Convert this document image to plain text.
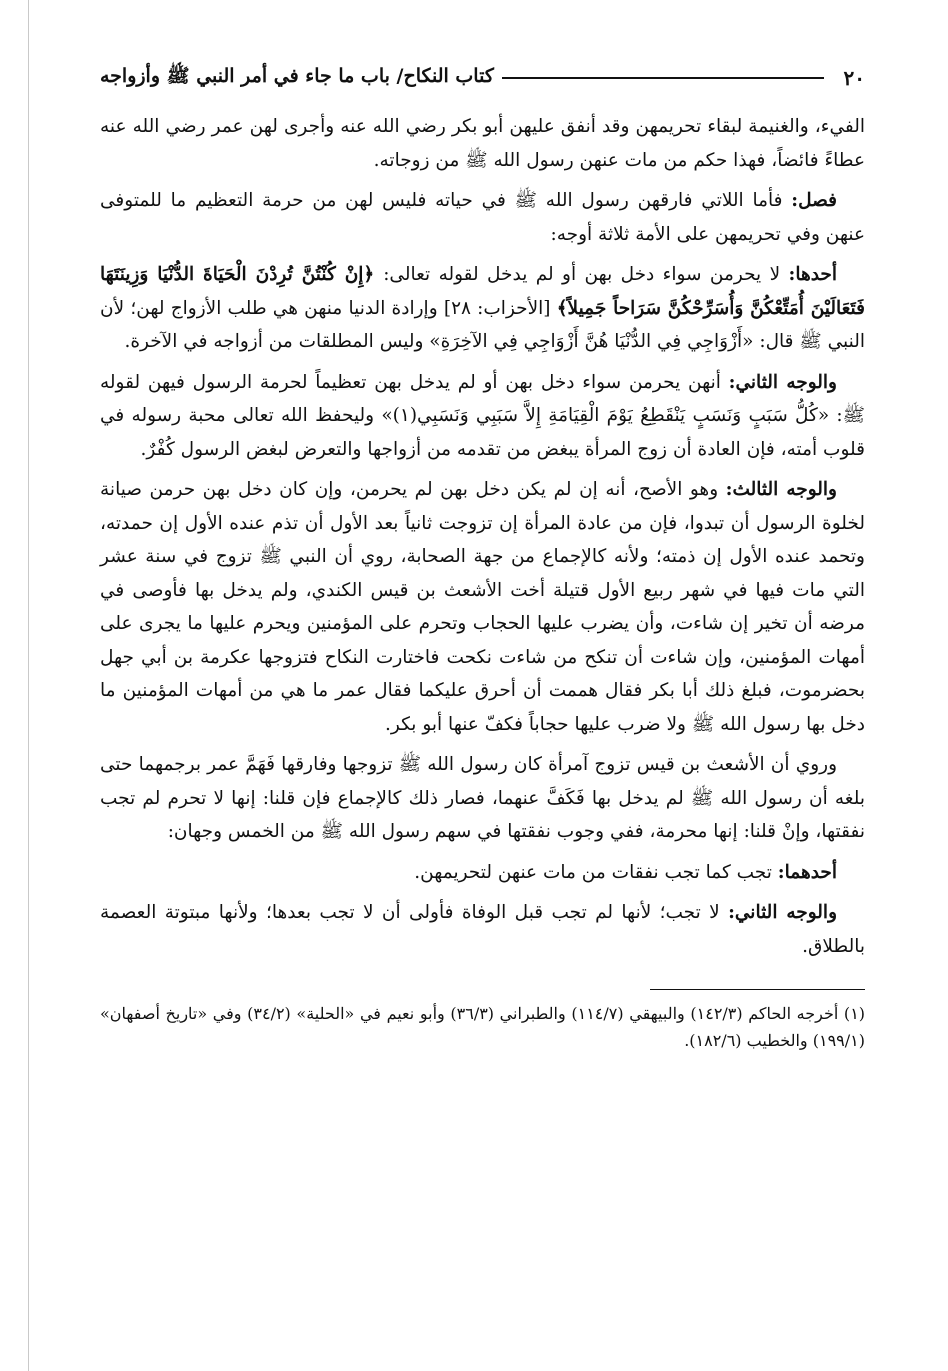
٢٠
كتاب النكاح/ باب ما جاء في أمر النبي ﷺ وأزواجه

الفيء، والغنيمة لبقاء تحريمهن وقد أنفق عليهن أبو بكر رضي الله عنه وأجرى لهن عمر رضي الله عنه عطاءً فائضاً، فهذا حكم من مات عنهن رسول الله ﷺ من زوجاته.

فصل: فأما اللاتي فارقهن رسول الله ﷺ في حياته فليس لهن من حرمة التعظيم ما للمتوفى عنهن وفي تحريمهن على الأمة ثلاثة أوجه:

أحدها: لا يحرمن سواء دخل بهن أو لم يدخل لقوله تعالى: ﴿إِنْ كُنْتُنَّ تُرِدْنَ الْحَيَاةَ الدُّنْيَا وَزِينَتَهَا فَتَعَالَيْنَ أُمَتِّعْكُنَّ وَأُسَرِّحْكُنَّ سَرَاحاً جَمِيلاً﴾ [الأحزاب: ٢٨] وإرادة الدنيا منهن هي طلب الأزواج لهن؛ لأن النبي ﷺ قال: «أَزْوَاجِي فِي الدُّنْيَا هُنَّ أَزْوَاجِي فِي الآخِرَةِ» وليس المطلقات من أزواجه في الآخرة.

والوجه الثاني: أنهن يحرمن سواء دخل بهن أو لم يدخل بهن تعظيماً لحرمة الرسول فيهن لقوله ﷺ: «كُلُّ سَبَبٍ وَنَسَبٍ يَنْقَطِعُ يَوْمَ الْقِيَامَةِ إِلاَّ سَبَبِي وَنَسَبِي(١)» وليحفظ الله تعالى محبة رسوله في قلوب أمته، فإن العادة أن زوج المرأة يبغض من تقدمه من أزواجها والتعرض لبغض الرسول كُفْرٌ.

والوجه الثالث: وهو الأصح، أنه إن لم يكن دخل بهن لم يحرمن، وإن كان دخل بهن حرمن صيانة لخلوة الرسول أن تبدوا، فإن من عادة المرأة إن تزوجت ثانياً بعد الأول أن تذم عنده الأول إن حمدته، وتحمد عنده الأول إن ذمته؛ ولأنه كالإجماع من جهة الصحابة، روي أن النبي ﷺ تزوج في سنة عشر التي مات فيها في شهر ربيع الأول قتيلة أخت الأشعث بن قيس الكندي، ولم يدخل بها فأوصى في مرضه أن تخير إن شاءت، وأن يضرب عليها الحجاب وتحرم على المؤمنين ويحرم عليها ما يجرى على أمهات المؤمنين، وإن شاءت أن تنكح من شاءت نكحت فاختارت النكاح فتزوجها عكرمة بن أبي جهل بحضرموت، فبلغ ذلك أبا بكر فقال هممت أن أحرق عليكما فقال عمر ما هي من أمهات المؤمنين ما دخل بها رسول الله ﷺ ولا ضرب عليها حجاباً فكفّ عنها أبو بكر.

وروي أن الأشعث بن قيس تزوج آمرأة كان رسول الله ﷺ تزوجها وفارقها فَهَمَّ عمر برجمهما حتى بلغه أن رسول الله ﷺ لم يدخل بها فَكَفَّ عنهما، فصار ذلك كالإجماع فإن قلنا: إنها لا تحرم لم تجب نفقتها، وإنْ قلنا: إنها محرمة، ففي وجوب نفقتها في سهم رسول الله ﷺ من الخمس وجهان:

أحدهما: تجب كما تجب نفقات من مات عنهن لتحريمهن.

والوجه الثاني: لا تجب؛ لأنها لم تجب قبل الوفاة فأولى أن لا تجب بعدها؛ ولأنها مبتوتة العصمة بالطلاق.

(١) أخرجه الحاكم (١٤٢/٣) والبيهقي (١١٤/٧) والطبراني (٣٦/٣) وأبو نعيم في «الحلية» (٣٤/٢) وفي «تاريخ أصفهان» (١٩٩/١) والخطيب (١٨٢/٦).
